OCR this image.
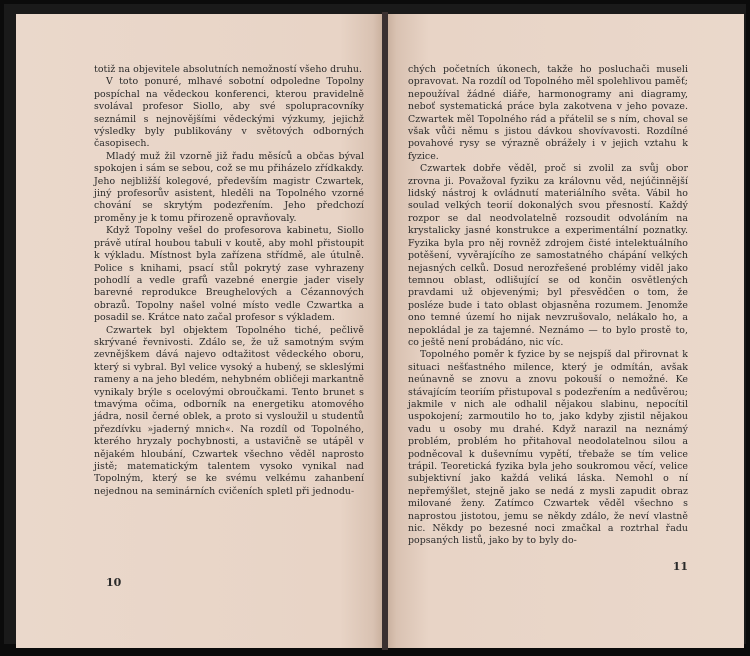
totiž na objevitele absolutních nemožností všeho druhu.

V toto ponuré, mlhavé sobotní odpoledne Topolny pospíchal na vědeckou konferenci, kterou pravidelně svolával profesor Siollo, aby své spolupracovníky seznámil s nejnovějšími vědeckými výzkumy, jejichž výsledky byly publikovány v světových odborných časopisech.

Mladý muž žil vzorně již řadu měsíců a občas býval spokojen i sám se sebou, což se mu přiházelo zřídkakdy. Jeho nejbližší kolegové, především magistr Czwartek, jiný profesorův asistent, hleděli na Topolného vzorné chování se skrytým podezřením. Jeho předchozí proměny je k tomu přirozeně opravňovaly.

Když Topolny vešel do profesorova kabinetu, Siollo právě utíral houbou tabuli v koutě, aby mohl přistoupit k výkladu. Místnost byla zařízena střídmě, ale útulně. Police s knihami, psací stůl pokrytý zase vyhrazeny pohodlí a vedle grafů vazebné energie jader visely barevné reprodukce Breughelových a Cézannových obrazů. Topolny našel volné místo vedle Czwartka a posadil se. Krátce nato začal profesor s výkladem.

Czwartek byl objektem Topolného tiché, pečlivě skrývané řevnivosti. Zdálo se, že už samotným svým zevnějškem dává najevo odtažitost vědeckého oboru, který si vybral. Byl velice vysoký a hubený, se skleslými rameny a na jeho bledém, nehybném obličeji markantně vynikaly brýle s ocelovými obroučkami. Tento brunet s tmavýma očima, odborník na energetiku atomového jádra, nosil černé oblek, a proto si vysloužil u studentů přezdívku »jaderný mnich«. Na rozdíl od Topolného, kterého hryzaly pochybnosti, a ustavičně se utápěl v nějakém hloubání, Czwartek všechno věděl naprosto jistě; matematickým talentem vysoko vynikal nad Topolným, který se ke svému velkému zahanbení nejednou na seminárních cvičeních spletl při jednodu-

10

chých početních úkonech, takže ho posluchači museli opravovat. Na rozdíl od Topolného měl spolehlivou paměť; nepoužíval žádné diáře, harmonogramy ani diagramy, neboť systematická práce byla zakotvena v jeho povaze. Czwartek měl Topolného rád a přátelil se s ním, choval se však vůči němu s jistou dávkou shovívavosti. Rozdílné povahové rysy se výrazně obrážely i v jejich vztahu k fyzice.

Czwartek dobře věděl, proč si zvolil za svůj obor zrovna ji. Považoval fyziku za královnu věd, nejúčinnější lidský nástroj k ovládnutí materiálního světa. Vábil ho soulad velkých teorií dokonalých svou přesností. Každý rozpor se dal neodvolatelně rozsoudit odvoláním na krystalicky jasné konstrukce a experimentální poznatky. Fyzika byla pro něj rovněž zdrojem čisté intelektuálního potěšení, vyvěrajícího ze samostatného chápání velkých nejasných celků. Dosud nerozřešené problémy viděl jako temnou oblast, odlišující se od končin osvětlených pravdami už objevenými; byl přesvědčen o tom, že posléze bude i tato oblast objasněna rozumem. Jenomže ono temné území ho nijak nevzrušovalo, nelákalo ho, a nepokládal je za tajemné. Neznámo — to bylo prostě to, co ještě není probádáno, nic víc.

Topolného poměr k fyzice by se nejspíš dal přirovnat k situaci nešťastného milence, který je odmítán, avšak neúnavně se znovu a znovu pokouší o nemožné. Ke stávajícím teoriím přistupoval s podezřením a nedůvěrou; jakmile v nich ale odhalil nějakou slabinu, nepocítil uspokojení; zarmoutilo ho to, jako kdyby zjistil nějakou vadu u osoby mu drahé. Když narazil na neznámý problém, problém ho přitahoval neodolatelnou silou a podněcoval k duševnímu vypětí, třebaže se tím velice trápil. Teoretická fyzika byla jeho soukromou věcí, velice subjektivní jako každá veliká láska. Nemohl o ní nepřemýšlet, stejně jako se nedá z mysli zapudit obraz milované ženy. Zatímco Czwartek věděl všechno s naprostou jistotou, jemu se někdy zdálo, že neví vlastně nic. Někdy po bezesné noci zmačkal a roztrhal řadu popsaných listů, jako by to byly do-

11
